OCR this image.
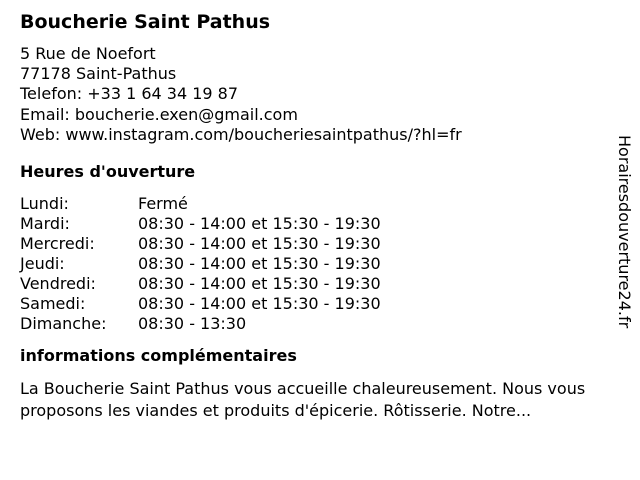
Boucherie Saint Pathus
5 Rue de Noefort
77178 Saint-Pathus
Telefon: +33 1 64 34 19 87
Email: boucherie.exen@gmail.com
Web: www.instagram.com/boucheriesaintpathus/?hl=fr
Heures d'ouverture
Lundi:	Fermé
Mardi:	08:30 - 14:00 et 15:30 - 19:30
Mercredi:	08:30 - 14:00 et 15:30 - 19:30
Jeudi:	08:30 - 14:00 et 15:30 - 19:30
Vendredi:	08:30 - 14:00 et 15:30 - 19:30
Samedi:	08:30 - 14:00 et 15:30 - 19:30
Dimanche:	08:30 - 13:30
informations complémentaires
La Boucherie Saint Pathus vous accueille chaleureusement. Nous vous proposons les viandes et produits d'épicerie. Rôtisserie. Notre...
Horairesdouverture24.fr
